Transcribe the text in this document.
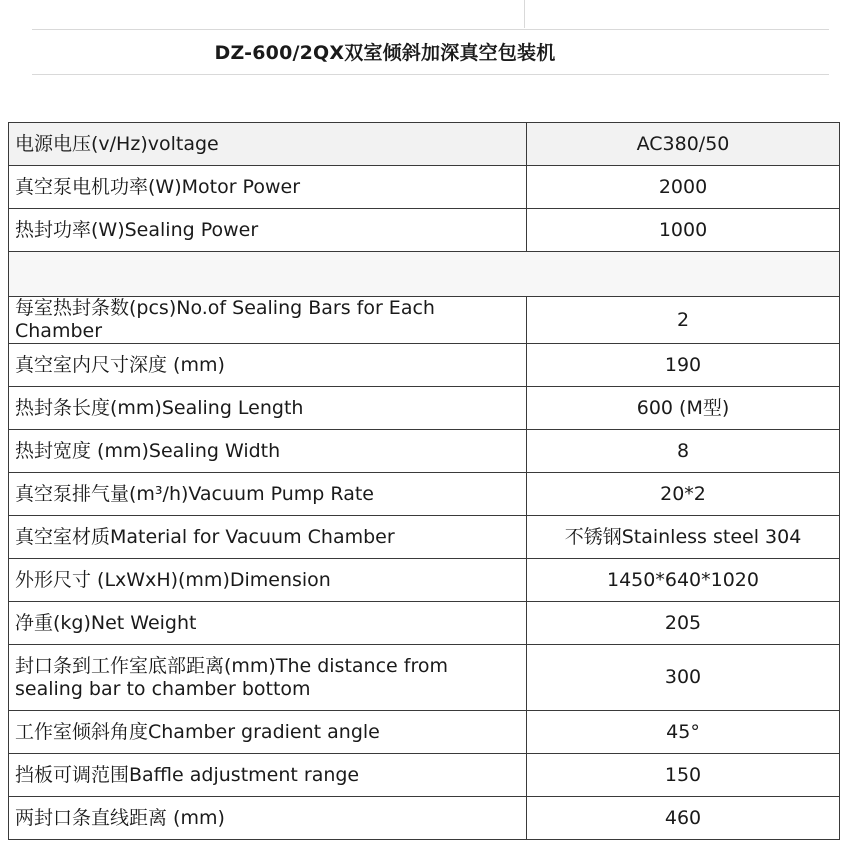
DZ-600/2QX双室倾斜加深真空包装机
电源电压(v/Hz)voltage	AC380/50
真空泵电机功率(W)Motor Power	2000
热封功率(W)Sealing Power	1000

每室热封条数(pcs)No.of Sealing Bars for Each Chamber	2
真空室内尺寸深度 (mm)	190
热封条长度(mm)Sealing Length	600 (M型)
热封宽度 (mm)Sealing Width	8
真空泵排气量(m³/h)Vacuum Pump Rate	20*2
真空室材质Material for Vacuum Chamber	不锈钢Stainless steel 304
外形尺寸 (LxWxH)(mm)Dimension	1450*640*1020
净重(kg)Net Weight	205
封口条到工作室底部距离(mm)The distance from sealing bar to chamber bottom	300
工作室倾斜角度Chamber gradient angle	45°
挡板可调范围Baffle adjustment range	150
两封口条直线距离 (mm)	460
